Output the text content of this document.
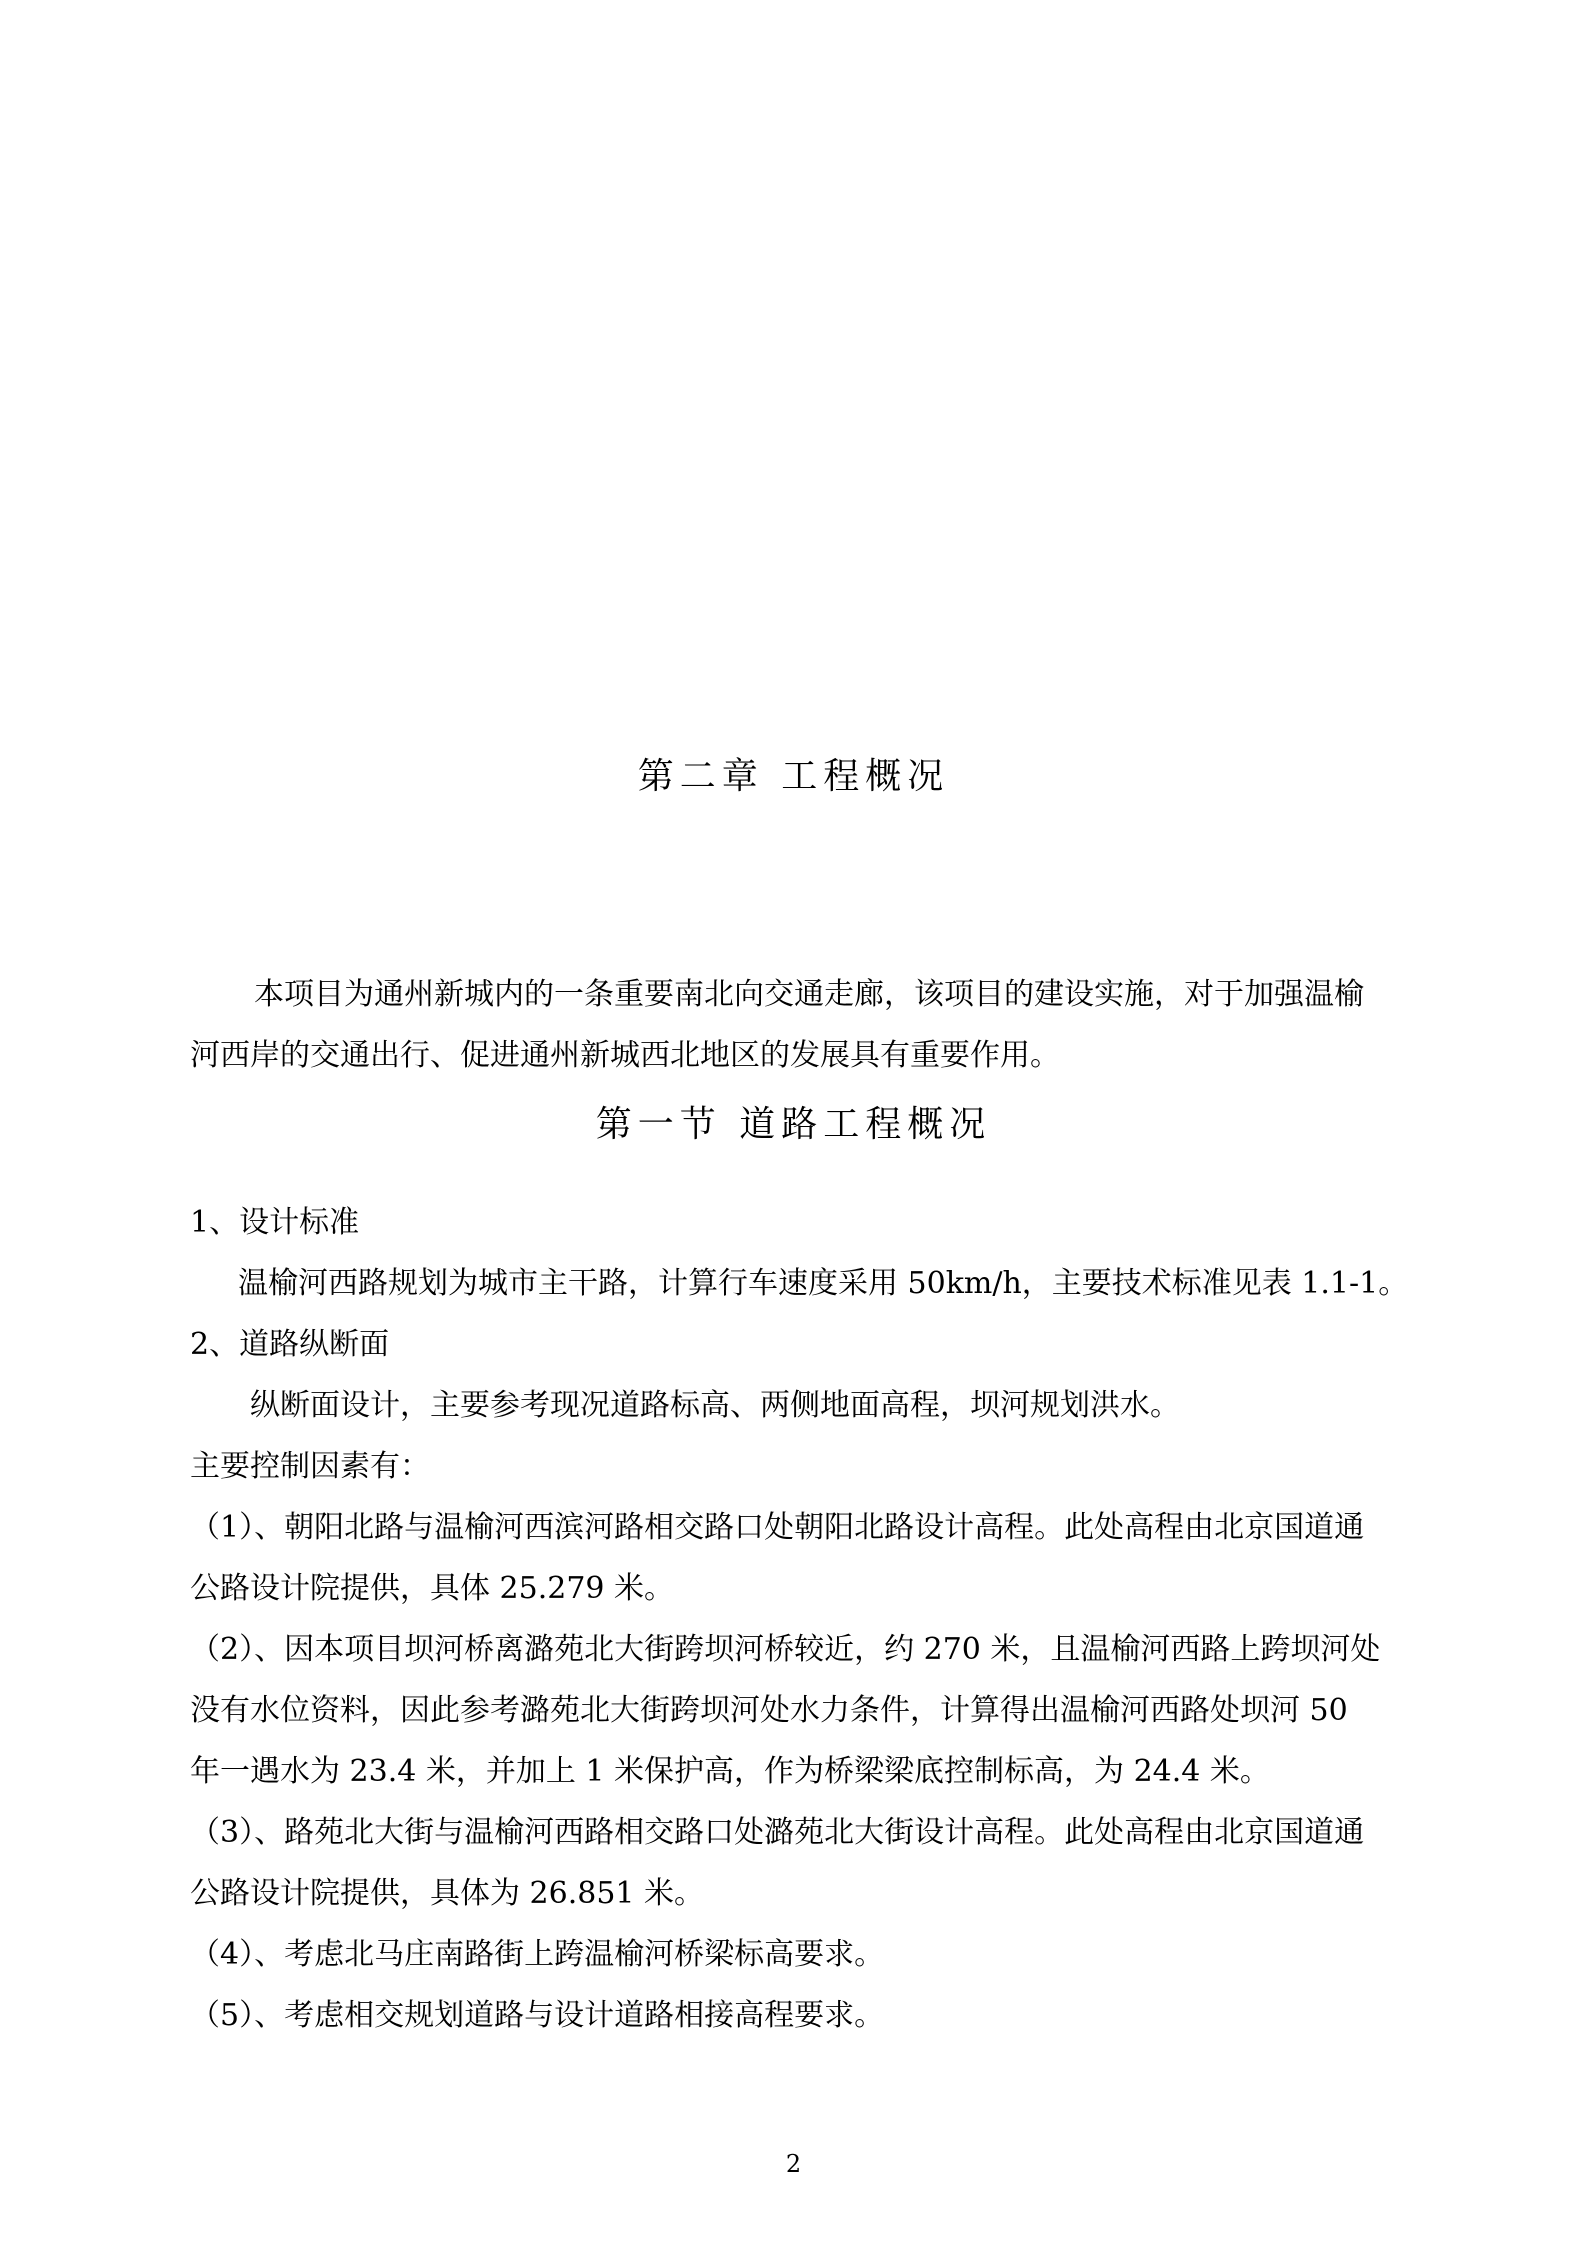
第二章 工程概况
本项目为通州新城内的一条重要南北向交通走廊，该项目的建设实施，对于加强温榆
河西岸的交通出行、促进通州新城西北地区的发展具有重要作用。
第一节 道路工程概况
1、设计标准
温榆河西路规划为城市主干路，计算行车速度采用 50km/h，主要技术标准见表 1.1-1。
2、道路纵断面
纵断面设计，主要参考现况道路标高、两侧地面高程，坝河规划洪水。
主要控制因素有：
（1）、朝阳北路与温榆河西滨河路相交路口处朝阳北路设计高程。此处高程由北京国道通
公路设计院提供，具体 25.279 米。
（2）、因本项目坝河桥离潞苑北大街跨坝河桥较近，约 270 米，且温榆河西路上跨坝河处
没有水位资料，因此参考潞苑北大街跨坝河处水力条件，计算得出温榆河西路处坝河 50
年一遇水为 23.4 米，并加上 1 米保护高，作为桥梁梁底控制标高，为 24.4 米。
（3）、路苑北大街与温榆河西路相交路口处潞苑北大街设计高程。此处高程由北京国道通
公路设计院提供，具体为 26.851 米。
（4）、考虑北马庄南路街上跨温榆河桥梁标高要求。
（5）、考虑相交规划道路与设计道路相接高程要求。
2
